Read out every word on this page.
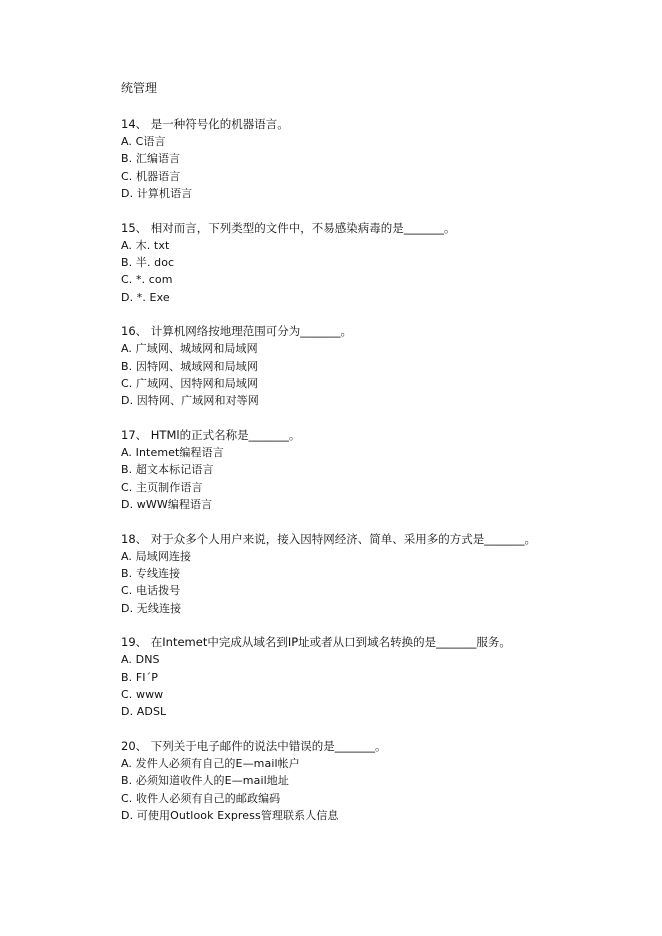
统管理
14、 是一种符号化的机器语言。
A. C语言
B. 汇编语言
C. 机器语言
D. 计算机语言
15、 相对而言，下列类型的文件中，不易感染病毒的是_______。
A. 木. txt
B. 半. doc
C. *. com
D. *. Exe
16、 计算机网络按地理范围可分为_______。
A. 广域网、城域网和局域网
B. 因特网、城域网和局域网
C. 广域网、因特网和局域网
D. 因特网、广域网和对等网
17、 HTMl的正式名称是_______。
A. Intemet编程语言
B. 超文本标记语言
C. 主页制作语言
D. wWW编程语言
18、 对于众多个人用户来说，接入因特网经济、简单、采用多的方式是_______。
A. 局域网连接
B. 专线连接
C. 电话拨号
D. 无线连接
19、 在Intemet中完成从域名到IP址或者从口到域名转换的是_______服务。
A. DNS
B. FI´P
C. www
D. ADSL
20、 下列关于电子邮件的说法中错误的是_______。
A. 发件人必须有自己的E—mail帐户
B. 必须知道收件人的E—mail地址
C. 收件人必须有自己的邮政编码
D. 可使用Outlook Express管理联系人信息
